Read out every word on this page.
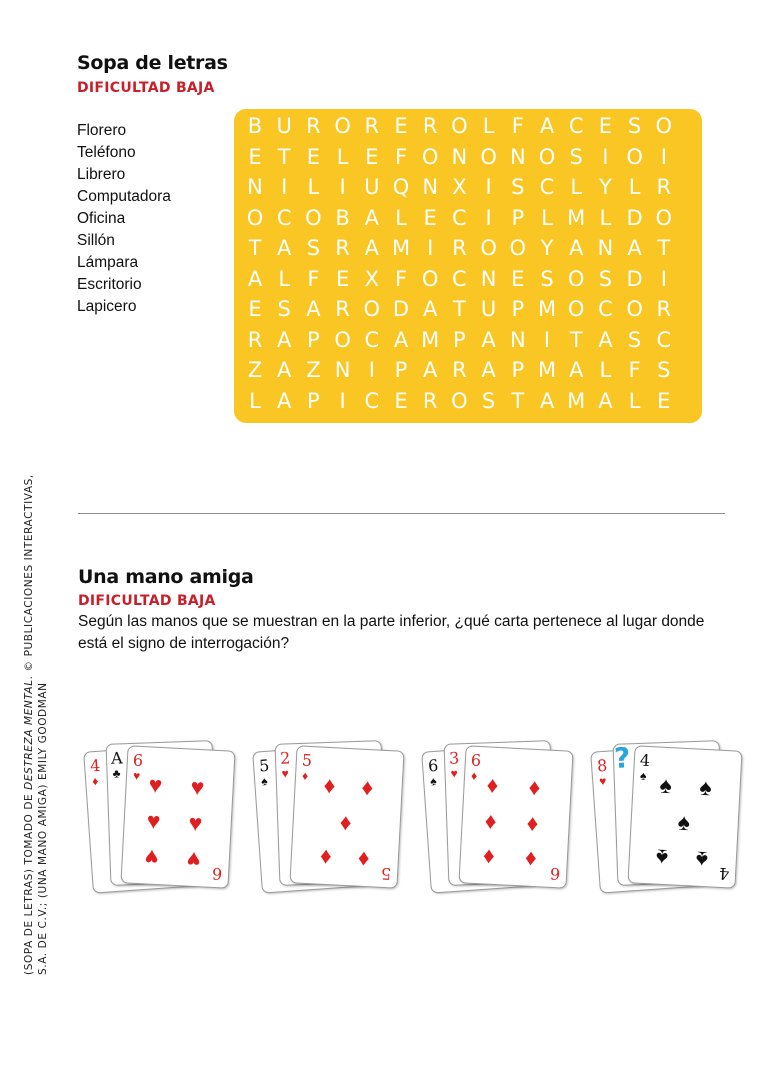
(SOPA DE LETRAS) TOMADO DE DESTREZA MENTAL. © PUBLICACIONES INTERACTIVAS,
S.A. DE C.V.; (UNA MANO AMIGA) EMILY GOODMAN
Sopa de letras
DIFICULTAD BAJA
Florero
Teléfono
Librero
Computadora
Oficina
Sillón
Lámpara
Escritorio
Lapicero
B U R O R E R O L F A C E S O
E T E L E F O N O N O S I O I
N I L I U Q N X I S C L Y L R
O C O B A L E C I P L M L D O
T A S R A M I R O O Y A N A T
A L F E X F O C N E S O S D I
E S A R O D A T U P M O C O R
R A P O C A M P A N I T A S C
Z A Z N I P A R A P M A L F S
L A P I C E R O S T A M A L E
Una mano amiga
DIFICULTAD BAJA

Según las manos que se muestran en la parte inferior, ¿qué carta pertenece al lugar donde está el signo de interrogación?

4
♦
A
♣
6
♥ ♥ ♥
♥ ♥
♥ ♥
6
5
♠
2
♥
5
♦ ♦ ♦
♦
♦ ♦
5
6
♠
3
♥
6
♦ ♦ ♦
♦ ♦
♦ ♦
6
8
♥
? 4
♠ ♠ ♠
♠
♠ ♠
4
